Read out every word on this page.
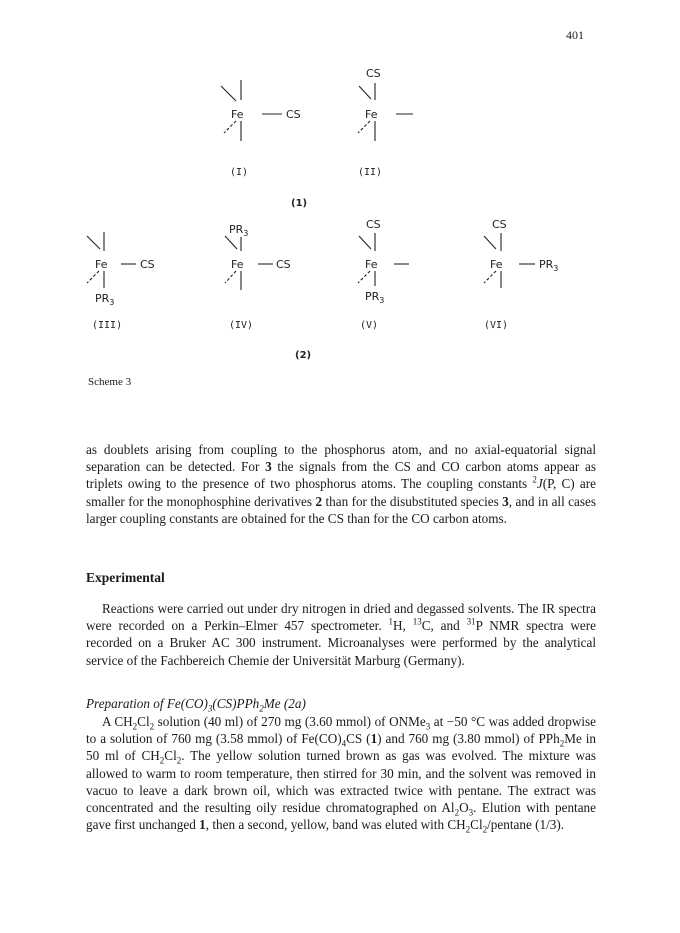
401
Fe	CS
(I)
CS
Fe
(II)
(1)
Fe	CS
$PR_3$
(III)
$PR_3$
Fe	CS
(IV)
CS
Fe
$PR_3$
(V)
CS
Fe	$PR_3$
(VI)
(2)
Scheme 3
as doublets arising from coupling to the phosphorus atom, and no axial-equatorial signal separation can be detected. For 3 the signals from the CS and CO carbon atoms appear as triplets owing to the presence of two phosphorus atoms. The coupling constants $^2$J(P, C) are smaller for the monophosphine derivatives 2 than for the disubstituted species 3, and in all cases larger coupling constants are obtained for the CS than for the CO carbon atoms.
Experimental
Reactions were carried out under dry nitrogen in dried and degassed solvents. The IR spectra were recorded on a Perkin–Elmer 457 spectrometer. $^1$H, $^{13}$C, and $^{31}$P NMR spectra were recorded on a Bruker AC 300 instrument. Microanalyses were performed by the analytical service of the Fachbereich Chemie der Universität Marburg (Germany).
Preparation of $Fe(CO)_3(CS)PPh_2Me$ (2a)
A $CH_2Cl_2$ solution (40 ml) of 270 mg (3.60 mmol) of ONMe$_3$ at −50 °C was added dropwise to a solution of 760 mg (3.58 mmol) of $Fe(CO)_4CS$ (1) and 760 mg (3.80 mmol) of PPh$_2$Me in 50 ml of $CH_2Cl_2$. The yellow solution turned brown as gas was evolved. The mixture was allowed to warm to room temperature, then stirred for 30 min, and the solvent was removed in vacuo to leave a dark brown oil, which was extracted twice with pentane. The extract was concentrated and the resulting oily residue chromatographed on $Al_2O_3$. Elution with pentane gave first unchanged 1, then a second, yellow, band was eluted with $CH_2Cl_2$/pentane (1/3).
